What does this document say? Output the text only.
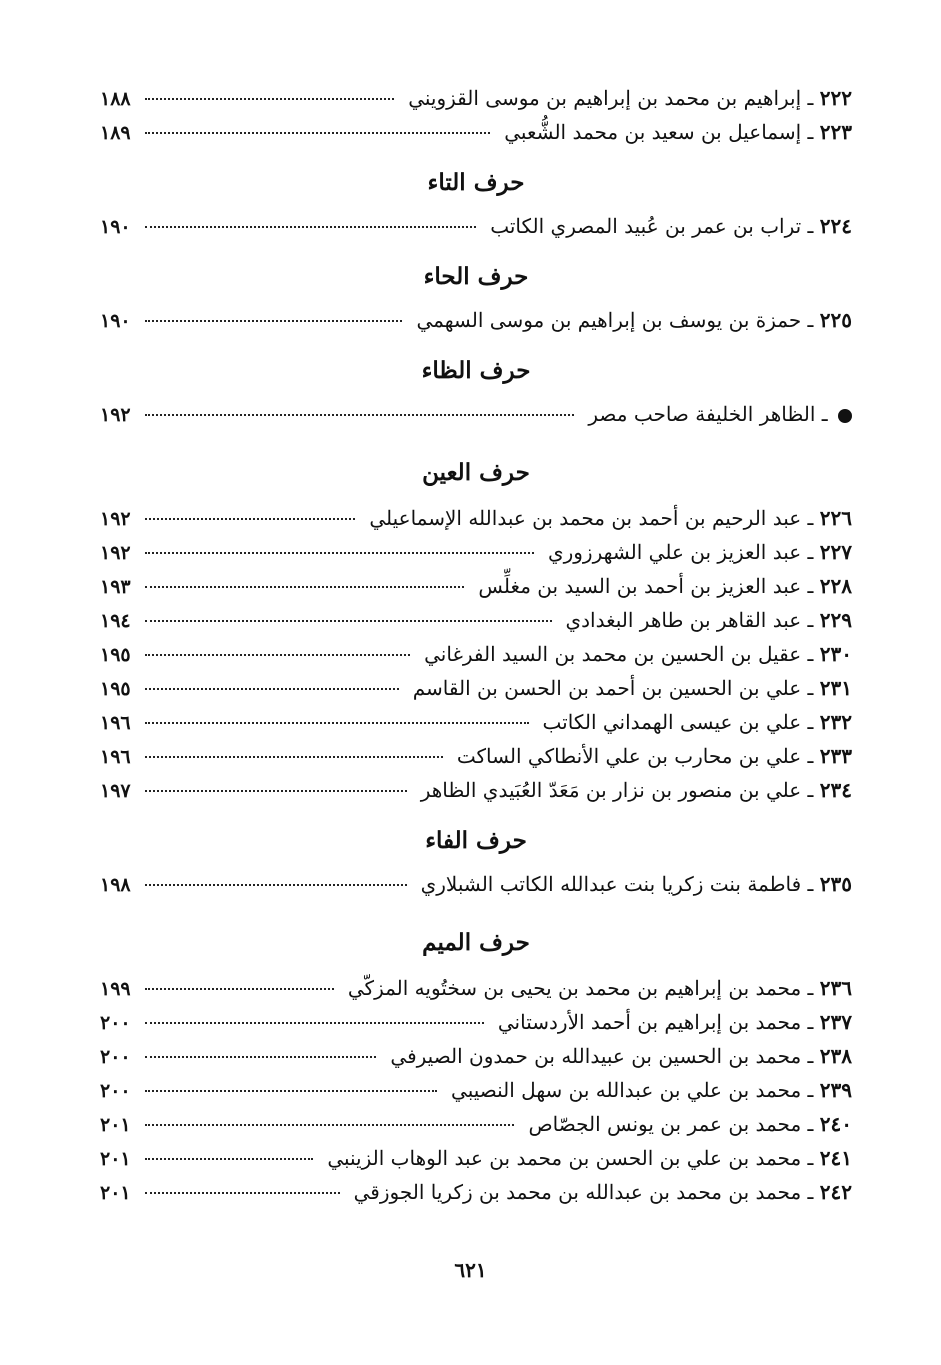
٢٢٢ ـ إبراهيم بن محمد بن إبراهيم بن موسى القزويني
١٨٨
٢٢٣ ـ إسماعيل بن سعيد بن محمد الشُّعبي
١٨٩
حرف التاء
٢٢٤ ـ تراب بن عمر بن عُبيد المصري الكاتب
١٩٠
حرف الحاء
٢٢٥ ـ حمزة بن يوسف بن إبراهيم بن موسى السهمي
١٩٠
حرف الظاء
ـ الظاهر الخليفة صاحب مصر
١٩٢
حرف العين
٢٢٦ ـ عبد الرحيم بن أحمد بن محمد بن عبدالله الإسماعيلي
١٩٢
٢٢٧ ـ عبد العزيز بن علي الشهرزوري
١٩٢
٢٢٨ ـ عبد العزيز بن أحمد بن السيد بن مغلِّس
١٩٣
٢٢٩ ـ عبد القاهر بن طاهر البغدادي
١٩٤
٢٣٠ ـ عقيل بن الحسين بن محمد بن السيد الفرغاني
١٩٥
٢٣١ ـ علي بن الحسين بن أحمد بن الحسن بن القاسم
١٩٥
٢٣٢ ـ علي بن عيسى الهمداني الكاتب
١٩٦
٢٣٣ ـ علي بن محارب بن علي الأنطاكي الساكت
١٩٦
٢٣٤ ـ علي بن منصور بن نزار بن مَعَدّ العُبَيدي الظاهر
١٩٧
حرف الفاء
٢٣٥ ـ فاطمة بنت زكريا بنت عبدالله الكاتب الشبلاري
١٩٨
حرف الميم
٢٣٦ ـ محمد بن إبراهيم بن محمد بن يحيى بن سختُويه المزكّي
١٩٩
٢٣٧ ـ محمد بن إبراهيم بن أحمد الأردستاني
٢٠٠
٢٣٨ ـ محمد بن الحسين بن عبيدالله بن حمدون الصيرفي
٢٠٠
٢٣٩ ـ محمد بن علي بن عبدالله بن سهل النصيبي
٢٠٠
٢٤٠ ـ محمد بن عمر بن يونس الجصّاص
٢٠١
٢٤١ ـ محمد بن علي بن الحسن بن محمد بن عبد الوهاب الزينبي
٢٠١
٢٤٢ ـ محمد بن محمد بن عبدالله بن محمد بن زكريا الجوزقي
٢٠١
٦٢١
